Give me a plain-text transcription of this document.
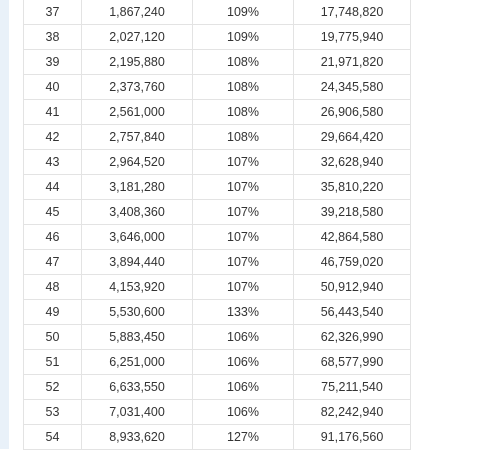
37	1,867,240	109%	17,748,820
38	2,027,120	109%	19,775,940
39	2,195,880	108%	21,971,820
40	2,373,760	108%	24,345,580
41	2,561,000	108%	26,906,580
42	2,757,840	108%	29,664,420
43	2,964,520	107%	32,628,940
44	3,181,280	107%	35,810,220
45	3,408,360	107%	39,218,580
46	3,646,000	107%	42,864,580
47	3,894,440	107%	46,759,020
48	4,153,920	107%	50,912,940
49	5,530,600	133%	56,443,540
50	5,883,450	106%	62,326,990
51	6,251,000	106%	68,577,990
52	6,633,550	106%	75,211,540
53	7,031,400	106%	82,242,940
54	8,933,620	127%	91,176,560
